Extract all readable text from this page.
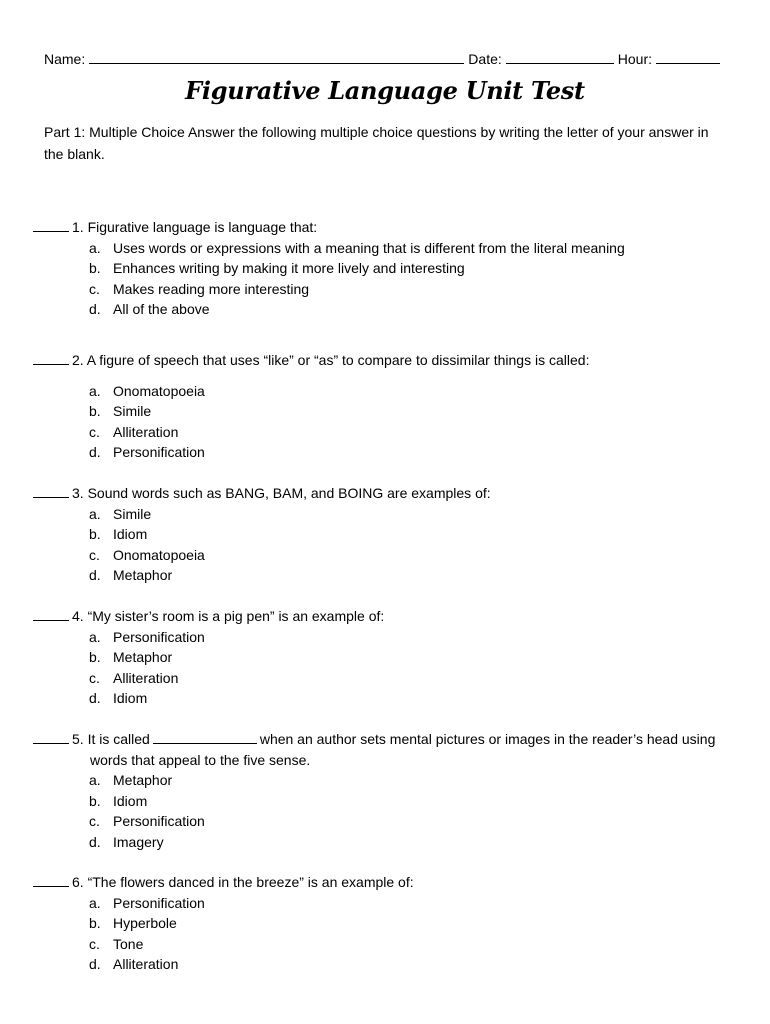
Name:	Date:	Hour:
Figurative Language Unit Test
Part 1: Multiple Choice Answer the following multiple choice questions by writing the letter of your answer in the blank.
1. Figurative language is language that:
a. Uses words or expressions with a meaning that is different from the literal meaning
b. Enhances writing by making it more lively and interesting
c. Makes reading more interesting
d. All of the above
2. A figure of speech that uses “like” or “as” to compare to dissimilar things is called:
a. Onomatopoeia
b. Simile
c. Alliteration
d. Personification
3. Sound words such as BANG, BAM, and BOING are examples of:
a. Simile
b. Idiom
c. Onomatopoeia
d. Metaphor
4. “My sister’s room is a pig pen” is an example of:
a. Personification
b. Metaphor
c. Alliteration
d. Idiom
5. It is called	when an author sets mental pictures or images in the reader’s head using
words that appeal to the five sense.
a. Metaphor
b. Idiom
c. Personification
d. Imagery
6. “The flowers danced in the breeze” is an example of:
a. Personification
b. Hyperbole
c. Tone
d. Alliteration
